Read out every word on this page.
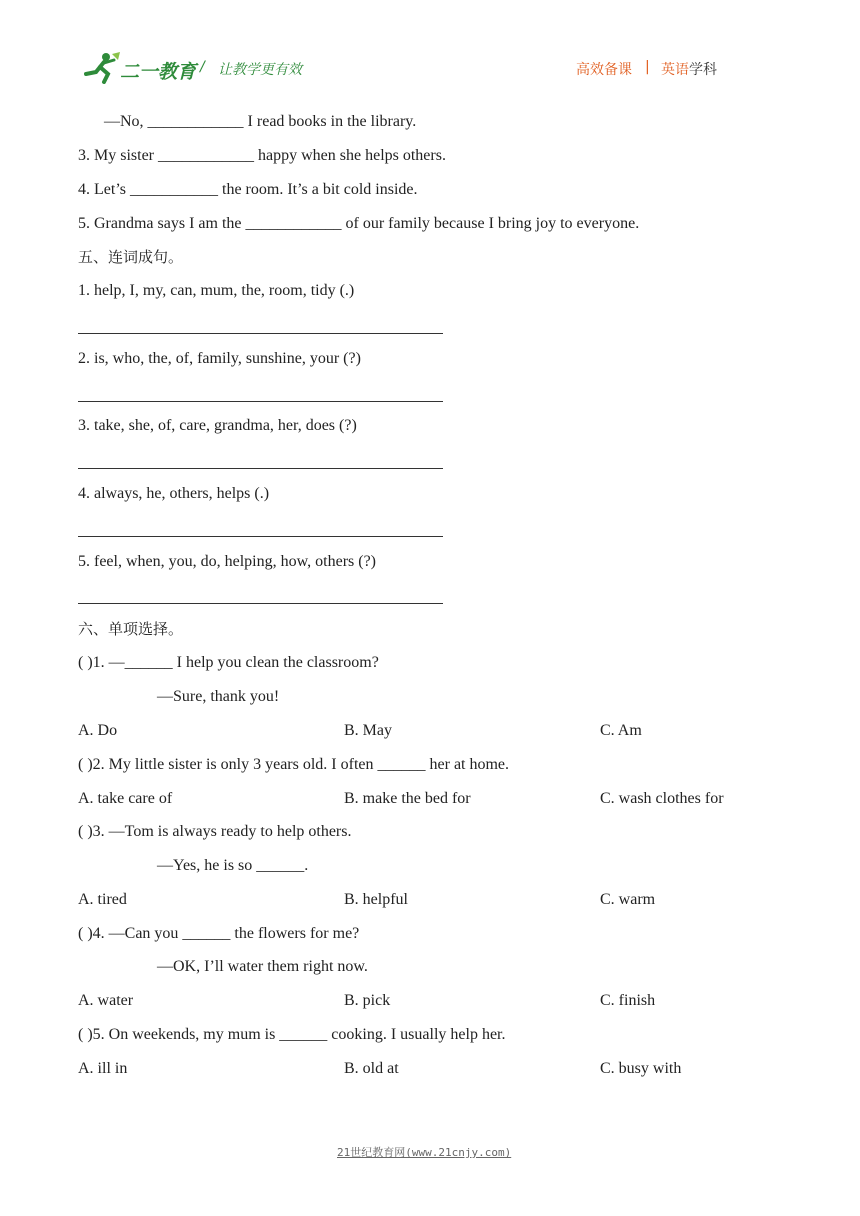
二一教育 / 让教学更有效	高效备课 | 英语学科
—No, ____________ I read books in the library.
3. My sister ____________ happy when she helps others.
4. Let’s ___________ the room. It’s a bit cold inside.
5. Grandma says I am the ____________ of our family because I bring joy to everyone.
五、连词成句。
1. help, I, my, can, mum, the, room, tidy (.)
2. is, who, the, of, family, sunshine, your (?)
3. take, she, of, care, grandma, her, does (?)
4. always, he, others, helps (.)
5. feel, when, you, do, helping, how, others (?)
六、单项选择。
( )1. —______ I help you clean the classroom?
—Sure, thank you!
A. Do	B. May	C. Am
( )2. My little sister is only 3 years old. I often ______ her at home.
A. take care of	B. make the bed for	C. wash clothes for
( )3. —Tom is always ready to help others.
—Yes, he is so ______.
A. tired	B. helpful	C. warm
( )4. —Can you ______ the flowers for me?
—OK, I’ll water them right now.
A. water	B. pick	C. finish
( )5. On weekends, my mum is ______ cooking. I usually help her.
A. ill in	B. old at	C. busy with
21世纪教育网(www.21cnjy.com)
